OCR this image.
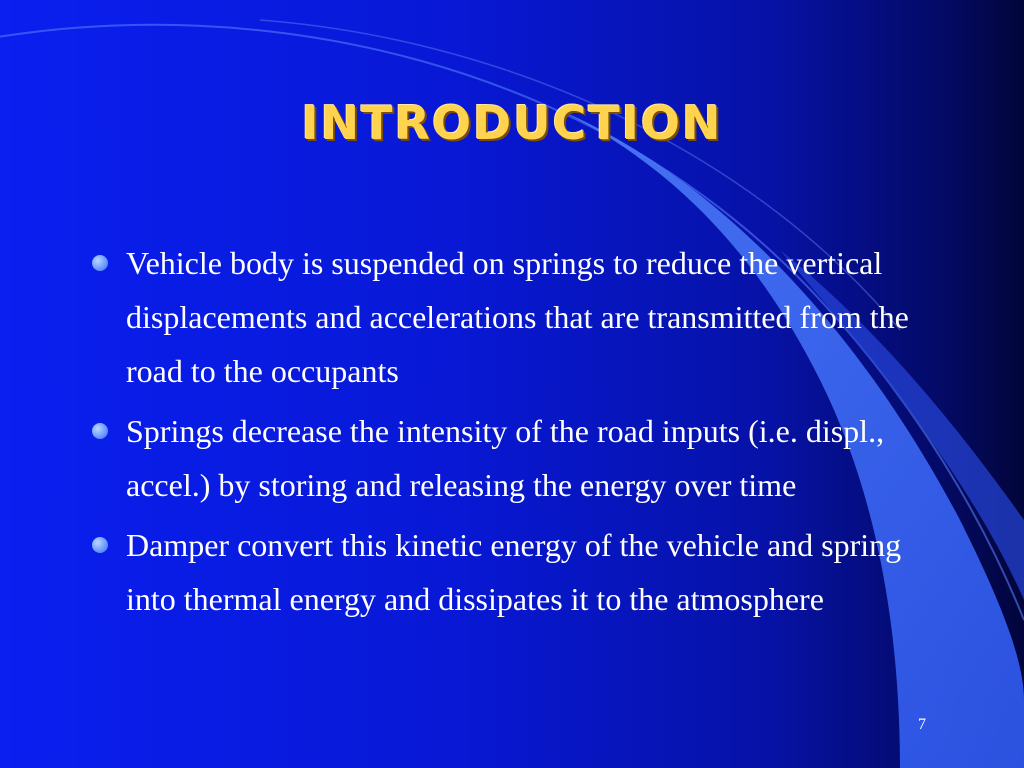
INTRODUCTION
Vehicle body is suspended on springs to reduce the vertical displacements and accelerations that are transmitted from the road to the occupants
Springs decrease the intensity of the road inputs (i.e. displ., accel.) by storing and releasing the energy over time
Damper convert this kinetic energy of the vehicle and spring into thermal energy and dissipates it to the atmosphere
7
